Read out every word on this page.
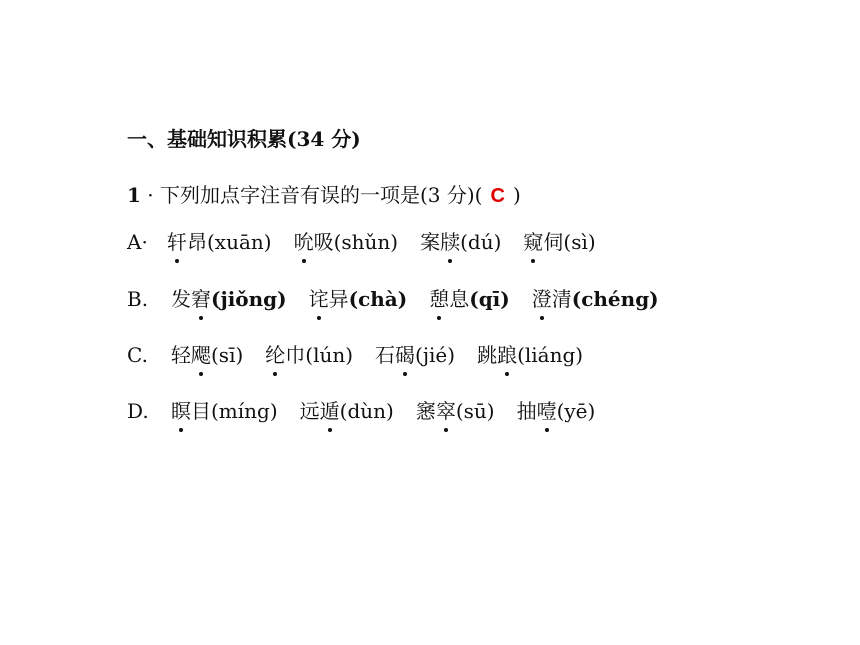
一、基础知识积累(34 分)
1 · 下列加点字注音有误的一项是(3 分)( C )
A· 轩昂(xuān) 吮吸(shǔn) 案牍(dú) 窥伺(sì)
B.	发窘(jiǒng) 诧异(chà) 憩息(qī) 澄清(chéng)
C.	轻飔(sī) 纶巾(lún) 石碣(jié) 跳踉(liáng)
D.	瞑目(míng) 远遁(dùn) 窸窣(sū) 抽噎(yē)
